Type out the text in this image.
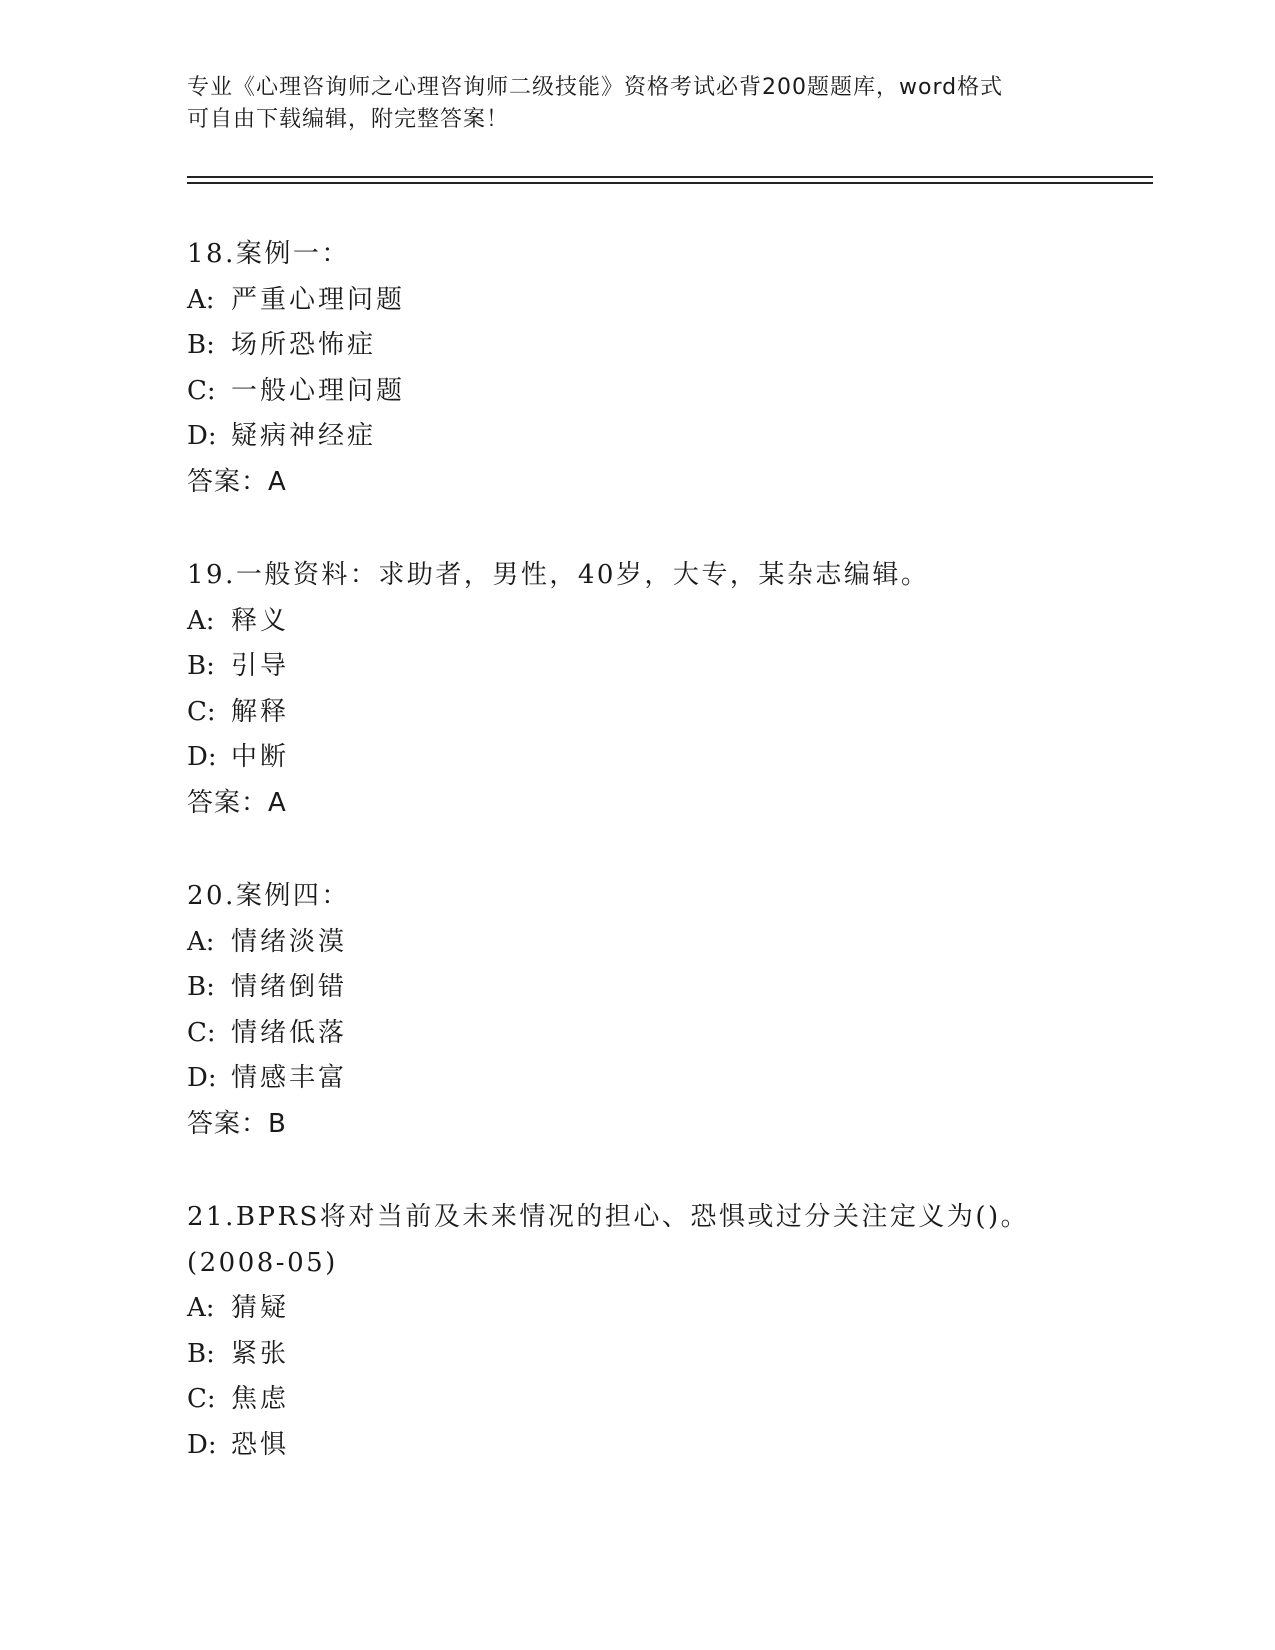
专业《心理咨询师之心理咨询师二级技能》资格考试必背200题题库，word格式
可自由下载编辑，附完整答案！
18.案例一：
A: 严重心理问题
B: 场所恐怖症
C: 一般心理问题
D: 疑病神经症
答案：A
19.一般资料：求助者，男性，40岁，大专，某杂志编辑。
A: 释义
B: 引导
C: 解释
D: 中断
答案：A
20.案例四：
A: 情绪淡漠
B: 情绪倒错
C: 情绪低落
D: 情感丰富
答案：B
21.BPRS将对当前及未来情况的担心、恐惧或过分关注定义为()。
(2008-05)
A: 猜疑
B: 紧张
C: 焦虑
D: 恐惧
